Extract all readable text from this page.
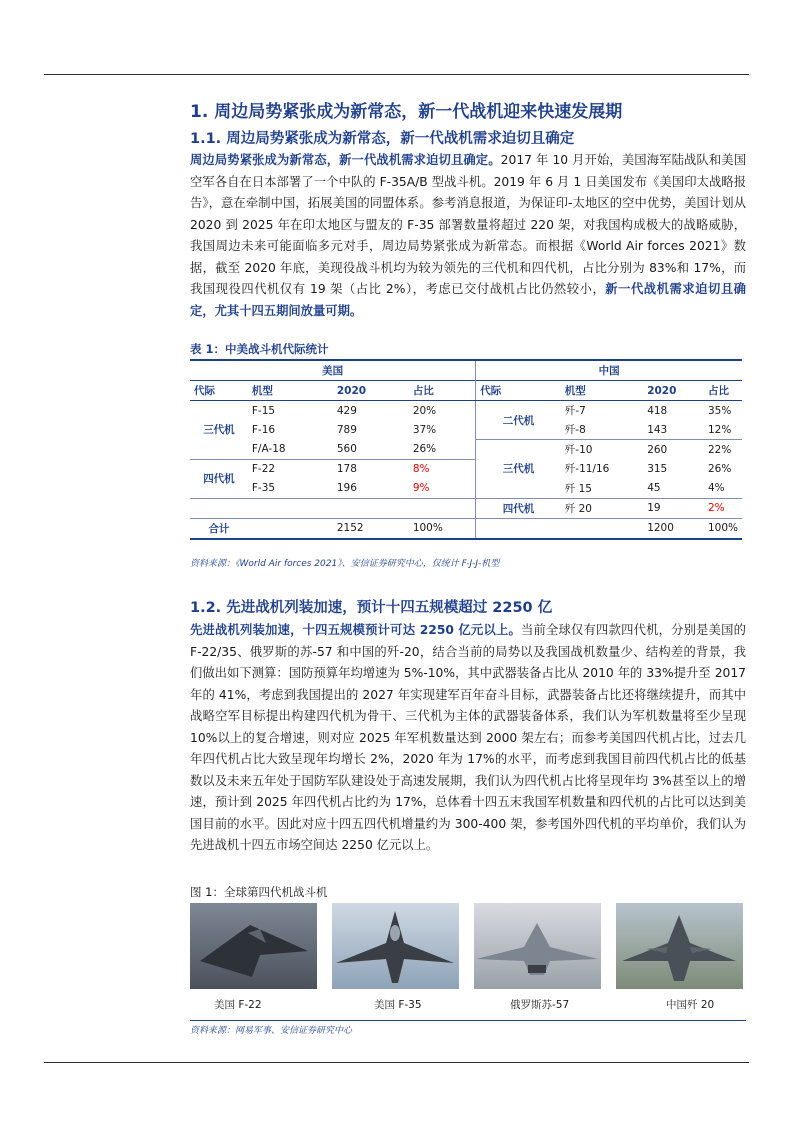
1. 周边局势紧张成为新常态，新一代战机迎来快速发展期
1.1. 周边局势紧张成为新常态，新一代战机需求迫切且确定
周边局势紧张成为新常态，新一代战机需求迫切且确定。2017 年 10 月开始，美国海军陆战队和美国空军各自在日本部署了一个中队的 F-35A/B 型战斗机。2019 年 6 月 1 日美国发布《美国印太战略报告》，意在牵制中国，拓展美国的同盟体系。参考消息报道，为保证印-太地区的空中优势，美国计划从 2020 到 2025 年在印太地区与盟友的 F-35 部署数量将超过 220 架，对我国构成极大的战略威胁，我国周边未来可能面临多元对手，周边局势紧张成为新常态。而根据《World Air forces 2021》数据，截至 2020 年底，美现役战斗机均为较为领先的三代机和四代机，占比分别为 83%和 17%，而我国现役四代机仅有 19 架（占比 2%），考虑已交付战机占比仍然较小，新一代战机需求迫切且确定，尤其十四五期间放量可期。
表 1：中美战斗机代际统计
美国				中国			
代际	机型	2020	占比	代际	机型	2020	占比
三代机	F-15	429	20%	二代机	歼-7	418	35%
	F-16	789	37%		歼-8	143	12%
	F/A-18	560	26%	三代机	歼-10	260	22%
四代机	F-22	178	8%		歼-11/16	315	26%
	F-35	196	9%		歼 15	45	4%
				四代机	歼 20	19	2%
合计		2152	100%			1200	100%
资料来源：《World Air forces 2021》、安信证券研究中心，仅统计 F-J-J-机型
1.2. 先进战机列装加速，预计十四五规模超过 2250 亿
先进战机列装加速，十四五规模预计可达 2250 亿元以上。当前全球仅有四款四代机，分别是美国的 F-22/35、俄罗斯的苏-57 和中国的歼-20，结合当前的局势以及我国战机数量少、结构差的背景，我们做出如下测算：国防预算年均增速为 5%-10%，其中武器装备占比从 2010 年的 33%提升至 2017 年的 41%，考虑到我国提出的 2027 年实现建军百年奋斗目标，武器装备占比还将继续提升，而其中战略空军目标提出构建四代机为骨干、三代机为主体的武器装备体系，我们认为军机数量将至少呈现 10%以上的复合增速，则对应 2025 年军机数量达到 2000 架左右；而参考美国四代机占比，过去几年四代机占比大致呈现年均增长 2%，2020 年为 17%的水平，而考虑到我国目前四代机占比的低基数以及未来五年处于国防军队建设处于高速发展期，我们认为四代机占比将呈现年均 3%甚至以上的增速，预计到 2025 年四代机占比约为 17%，总体看十四五末我国军机数量和四代机的占比可以达到美国目前的水平。因此对应十四五四代机增量约为 300-400 架，参考国外四代机的平均单价，我们认为先进战机十四五市场空间达 2250 亿元以上。
图 1：全球第四代机战斗机
美国 F-22	美国 F-35	俄罗斯苏-57	中国歼 20
资料来源：网易军事、安信证券研究中心
